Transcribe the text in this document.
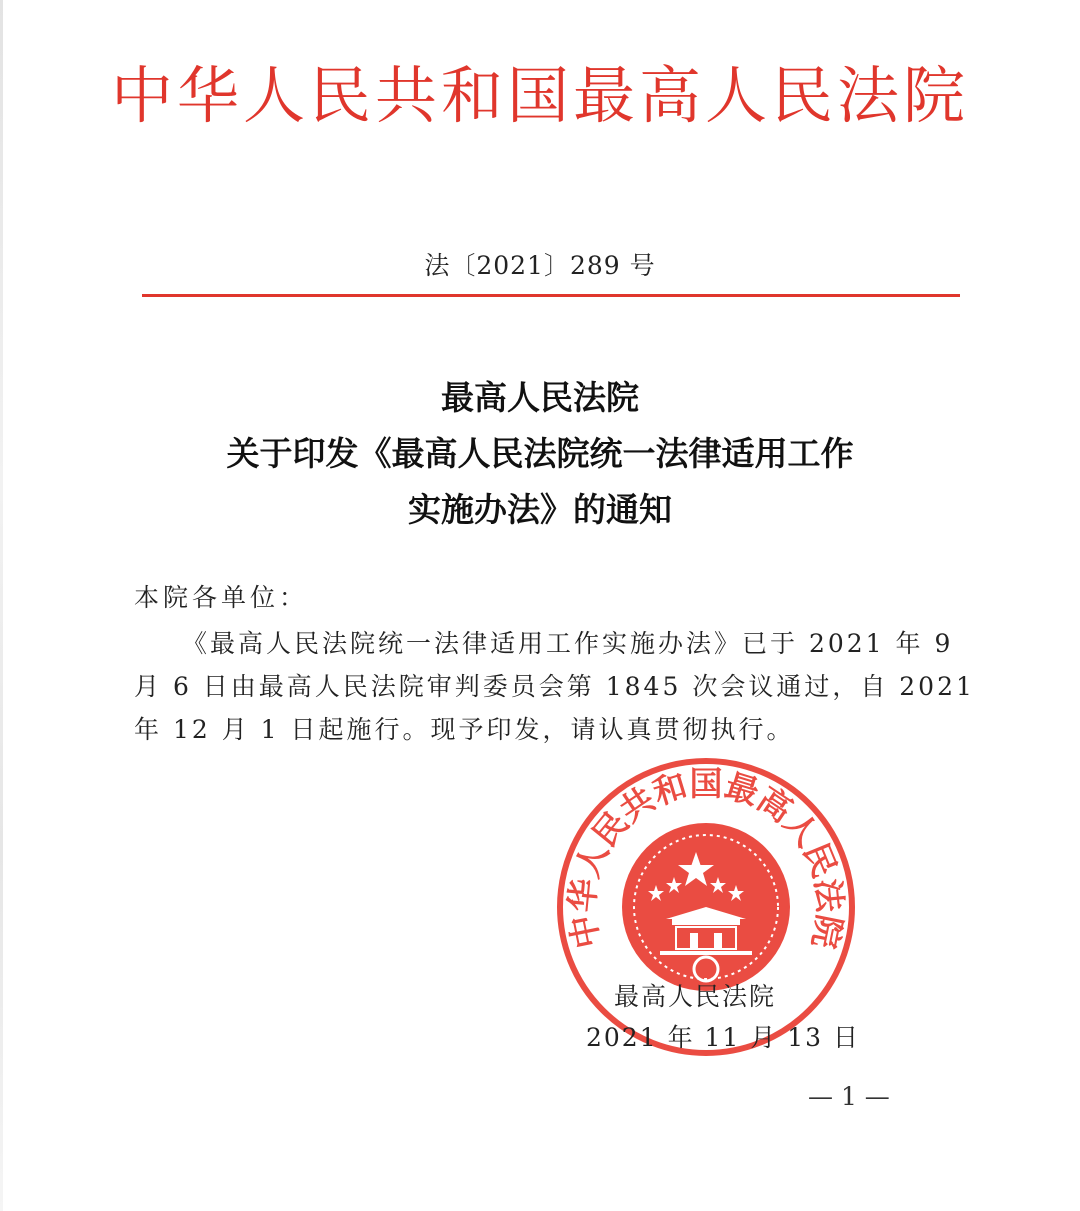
中华人民共和国最高人民法院
法〔2021〕289 号
最高人民法院
关于印发《最高人民法院统一法律适用工作
实施办法》的通知
本院各单位：
《最高人民法院统一法律适用工作实施办法》已于 2021 年 9
月 6 日由最高人民法院审判委员会第 1845 次会议通过，自 2021
年 12 月 1 日起施行。现予印发，请认真贯彻执行。
中华人民共和国最高人民法院
最高人民法院
2021 年 11 月 13 日
— 1 —
